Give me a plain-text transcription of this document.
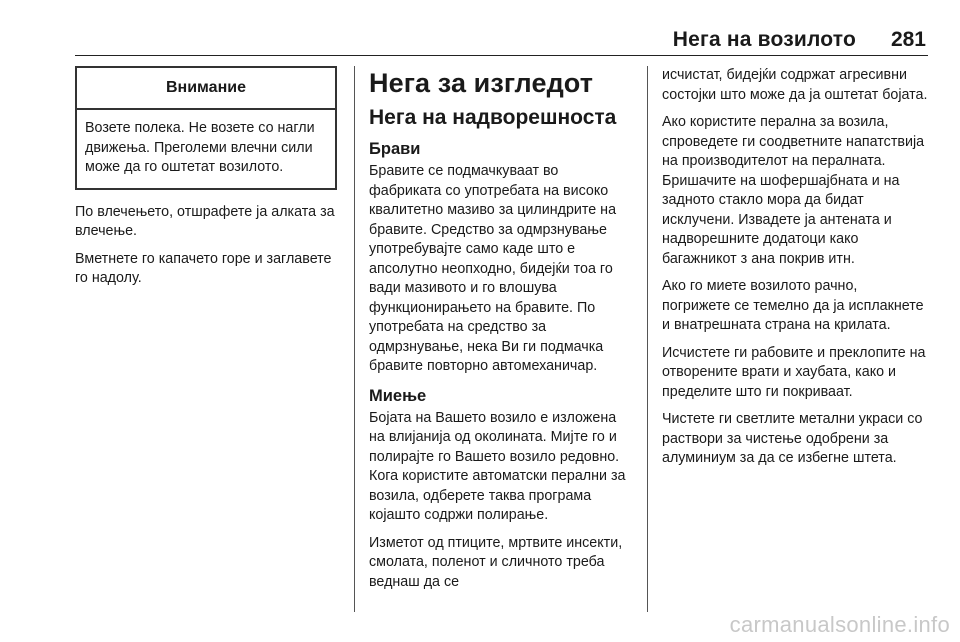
Нега на возилото 281
Внимание
Возете полека. Не возете со нагли движења. Преголеми влечни сили може да го оштетат возилото.

По влечењето, отшрафете ја алката за влечење.

Вметнете го капачето горе и заглавете го надолу.

Нега за изгледот
Нега на надворешноста
Брави

Бравите се подмачкуваат во фабриката со употребата на високо квалитетно мазиво за цилиндрите на бравите. Средство за одмрзнување употребувајте само каде што е апсолутно неопходно, бидејќи тоа го вади мазивото и го влошува функционирањето на бравите. По употребата на средство за одмрзнување, нека Ви ги подмачка бравите повторно автомеханичар.

Миење

Бојата на Вашето возило е изложена на влијанија од околината. Мијте го и полирајте го Вашето возило редовно. Кога користите автоматски перални за возила, одберете таква програма којашто содржи полирање.

Изметот од птиците, мртвите инсекти, смолата, поленот и сличното треба веднаш да се

исчистат, бидејќи содржат агресивни состојки што може да ја оштетат бојата.

Ако користите перална за возила, спроведете ги соодветните напатствија на производителот на пералната. Бришачите на шофершајбната и на задното стакло мора да бидат исклучени. Извадете ја антената и надворешните додатоци како багажникот з ана покрив итн.

Ако го миете возилото рачно, погрижете се темелно да ја исплакнете и внатрешната страна на крилата.

Исчистете ги рабовите и преклопите на отворените врати и хаубата, како и пределите што ги покриваат.

Чистете ги светлите метални украси со раствори за чистење одобрени за алуминиум за да се избегне штета.

carmanualsonline.info
